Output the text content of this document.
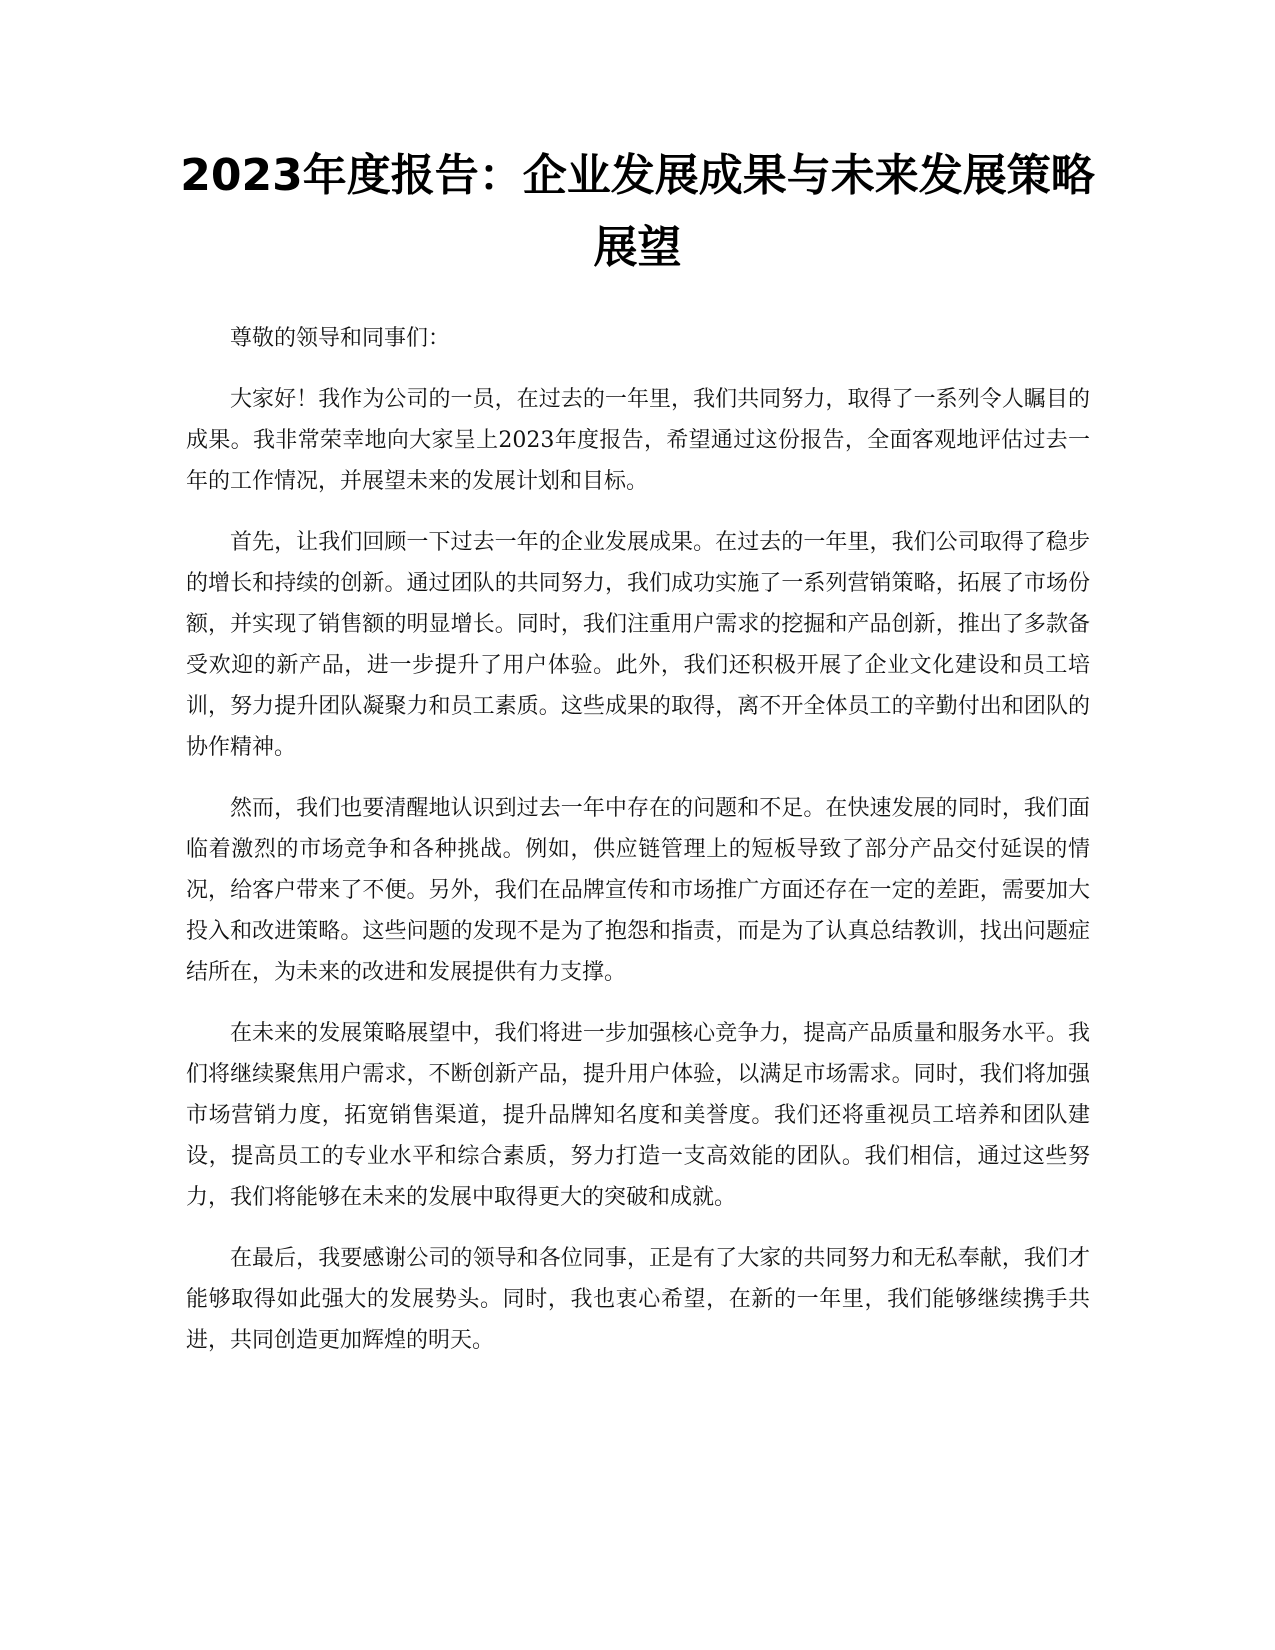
2023年度报告：企业发展成果与未来发展策略展望

尊敬的领导和同事们：

大家好！我作为公司的一员，在过去的一年里，我们共同努力，取得了一系列令人瞩目的成果。我非常荣幸地向大家呈上2023年度报告，希望通过这份报告，全面客观地评估过去一年的工作情况，并展望未来的发展计划和目标。

首先，让我们回顾一下过去一年的企业发展成果。在过去的一年里，我们公司取得了稳步的增长和持续的创新。通过团队的共同努力，我们成功实施了一系列营销策略，拓展了市场份额，并实现了销售额的明显增长。同时，我们注重用户需求的挖掘和产品创新，推出了多款备受欢迎的新产品，进一步提升了用户体验。此外，我们还积极开展了企业文化建设和员工培训，努力提升团队凝聚力和员工素质。这些成果的取得，离不开全体员工的辛勤付出和团队的协作精神。

然而，我们也要清醒地认识到过去一年中存在的问题和不足。在快速发展的同时，我们面临着激烈的市场竞争和各种挑战。例如，供应链管理上的短板导致了部分产品交付延误的情况，给客户带来了不便。另外，我们在品牌宣传和市场推广方面还存在一定的差距，需要加大投入和改进策略。这些问题的发现不是为了抱怨和指责，而是为了认真总结教训，找出问题症结所在，为未来的改进和发展提供有力支撑。

在未来的发展策略展望中，我们将进一步加强核心竞争力，提高产品质量和服务水平。我们将继续聚焦用户需求，不断创新产品，提升用户体验，以满足市场需求。同时，我们将加强市场营销力度，拓宽销售渠道，提升品牌知名度和美誉度。我们还将重视员工培养和团队建设，提高员工的专业水平和综合素质，努力打造一支高效能的团队。我们相信，通过这些努力，我们将能够在未来的发展中取得更大的突破和成就。

在最后，我要感谢公司的领导和各位同事，正是有了大家的共同努力和无私奉献，我们才能够取得如此强大的发展势头。同时，我也衷心希望，在新的一年里，我们能够继续携手共进，共同创造更加辉煌的明天。
